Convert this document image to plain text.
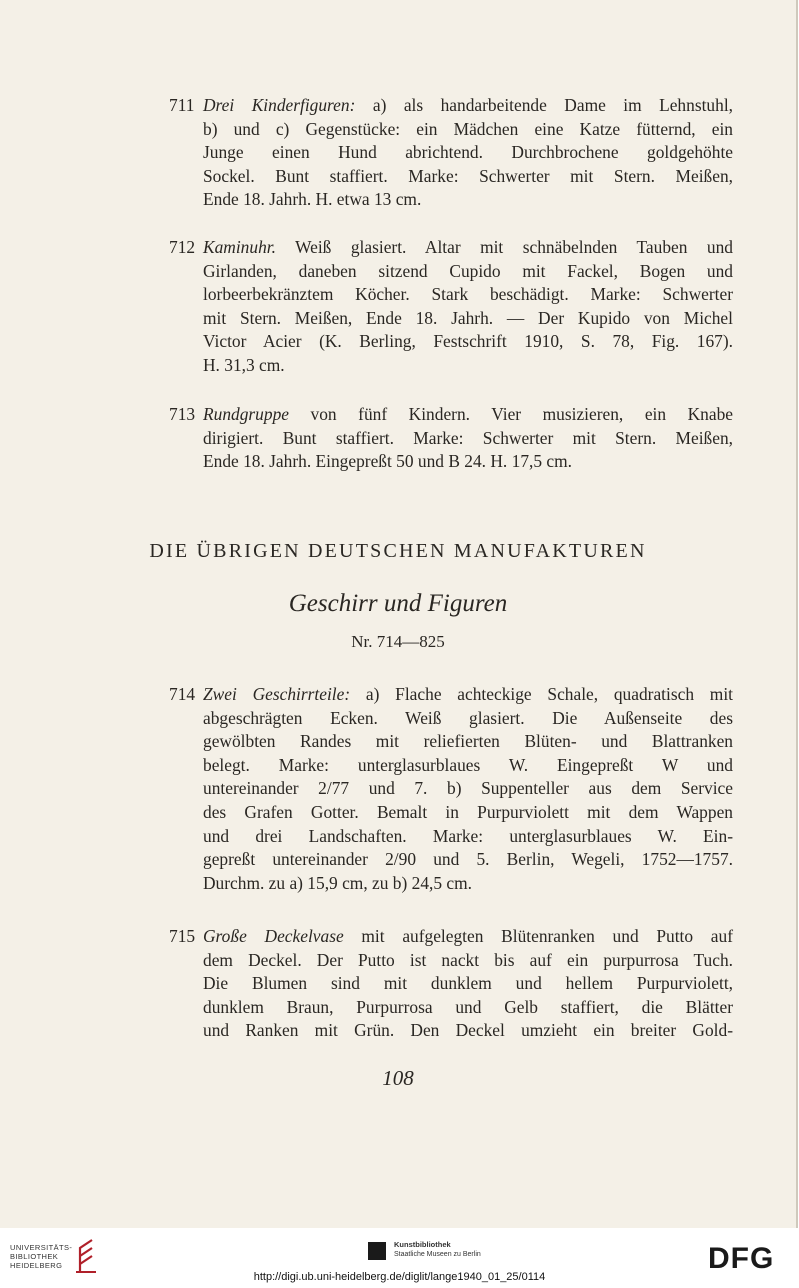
711 Drei Kinderfiguren: a) als handarbeitende Dame im Lehnstuhl,
b) und c) Gegenstücke: ein Mädchen eine Katze fütternd, ein
Junge einen Hund abrichtend. Durchbrochene goldgehöhte
Sockel. Bunt staffiert. Marke: Schwerter mit Stern. Meißen,
Ende 18. Jahrh. H. etwa 13 cm.
712 Kaminuhr. Weiß glasiert. Altar mit schnäbelnden Tauben und
Girlanden, daneben sitzend Cupido mit Fackel, Bogen und
lorbeerbekränztem Köcher. Stark beschädigt. Marke: Schwerter
mit Stern. Meißen, Ende 18. Jahrh. — Der Kupido von Michel
Victor Acier (K. Berling, Festschrift 1910, S. 78, Fig. 167).
H. 31,3 cm.
713 Rundgruppe von fünf Kindern. Vier musizieren, ein Knabe
dirigiert. Bunt staffiert. Marke: Schwerter mit Stern. Meißen,
Ende 18. Jahrh. Eingepreßt 50 und B 24. H. 17,5 cm.
DIE ÜBRIGEN DEUTSCHEN MANUFAKTUREN
Geschirr und Figuren
Nr. 714—825
714 Zwei Geschirrteile: a) Flache achteckige Schale, quadratisch mit
abgeschrägten Ecken. Weiß glasiert. Die Außenseite des
gewölbten Randes mit reliefierten Blüten- und Blattranken
belegt. Marke: unterglasurblaues W. Eingepreßt W und
untereinander 2/77 und 7. b) Suppenteller aus dem Service
des Grafen Gotter. Bemalt in Purpurviolett mit dem Wappen
und drei Landschaften. Marke: unterglasurblaues W. Ein-
gepreßt untereinander 2/90 und 5. Berlin, Wegeli, 1752—1757.
Durchm. zu a) 15,9 cm, zu b) 24,5 cm.
715 Große Deckelvase mit aufgelegten Blütenranken und Putto auf
dem Deckel. Der Putto ist nackt bis auf ein purpurrosa Tuch.
Die Blumen sind mit dunklem und hellem Purpurviolett,
dunklem Braun, Purpurrosa und Gelb staffiert, die Blätter
und Ranken mit Grün. Den Deckel umzieht ein breiter Gold-
108
UNIVERSITÄTS-
BIBLIOTHEK
HEIDELBERG
Kunstbibliothek
Staatliche Museen zu Berlin	DFG
http://digi.ub.uni-heidelberg.de/diglit/lange1940_01_25/0114
